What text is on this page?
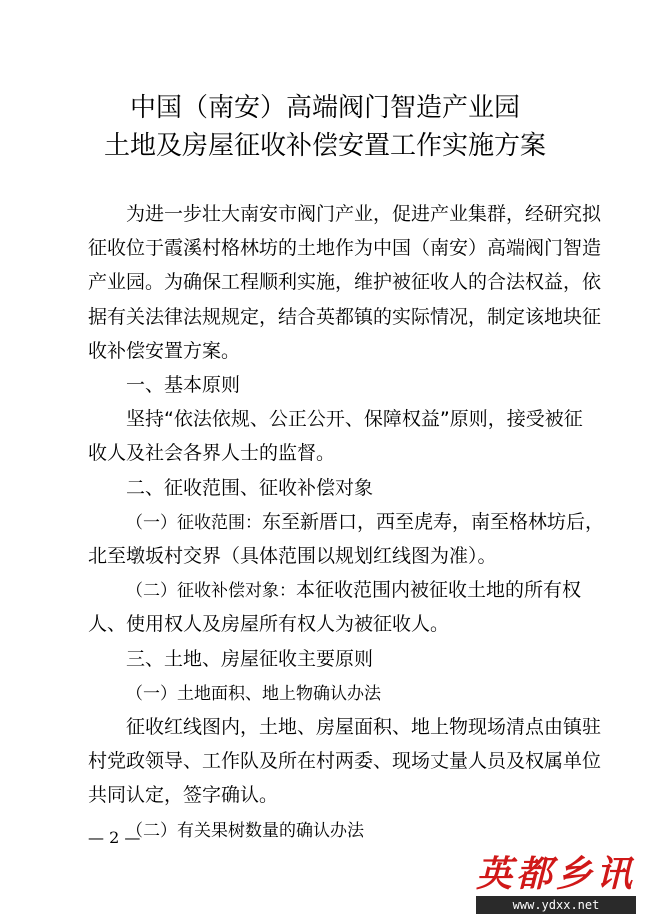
中国（南安）高端阀门智造产业园
土地及房屋征收补偿安置工作实施方案
为进一步壮大南安市阀门产业，促进产业集群，经研究拟
征收位于霞溪村格林坊的土地作为中国（南安）高端阀门智造
产业园。为确保工程顺利实施，维护被征收人的合法权益，依
据有关法律法规规定，结合英都镇的实际情况，制定该地块征
收补偿安置方案。
一、基本原则
坚持“依法依规、公正公开、保障权益”原则，接受被征
收人及社会各界人士的监督。
二、征收范围、征收补偿对象
（一）征收范围：东至新厝口，西至虎寿，南至格林坊后，
北至墩坂村交界（具体范围以规划红线图为准）。
（二）征收补偿对象：本征收范围内被征收土地的所有权
人、使用权人及房屋所有权人为被征收人。
三、土地、房屋征收主要原则
（一）土地面积、地上物确认办法
征收红线图内，土地、房屋面积、地上物现场清点由镇驻
村党政领导、工作队及所在村两委、现场丈量人员及权属单位
共同认定，签字确认。
（二）有关果树数量的确认办法
— 2 —
英都乡讯
www.ydxx.net
